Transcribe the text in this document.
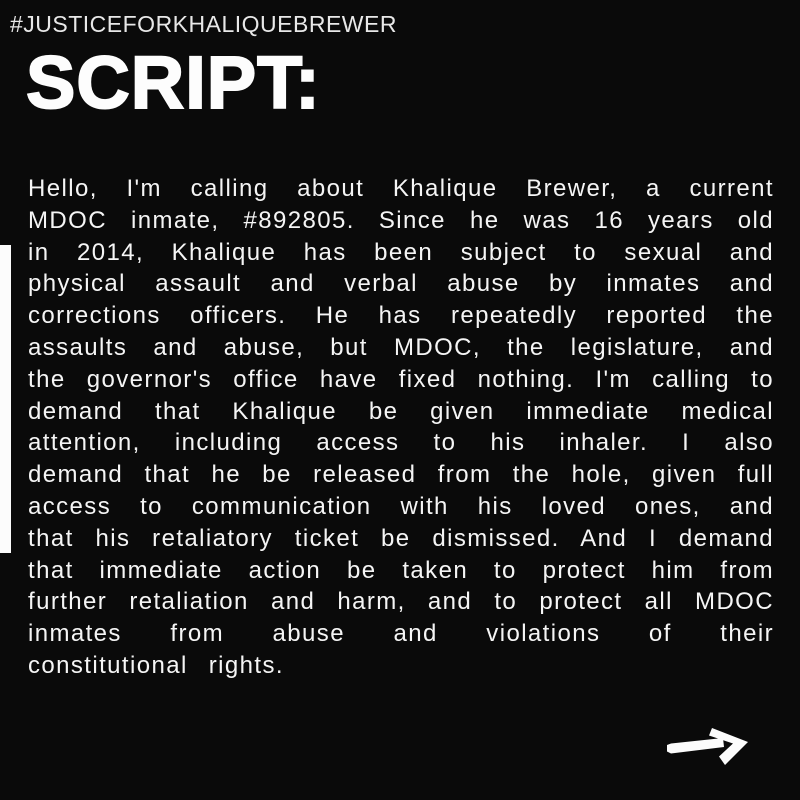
#JUSTICEFORKHALIQUEBREWER
SCRIPT:
Hello, I'm calling about Khalique Brewer, a current MDOC inmate, #892805. Since he was 16 years old in 2014, Khalique has been subject to sexual and physical assault and verbal abuse by inmates and corrections officers. He has repeatedly reported the assaults and abuse, but MDOC, the legislature, and the governor's office have fixed nothing. I'm calling to demand that Khalique be given immediate medical attention, including access to his inhaler. I also demand that he be released from the hole, given full access to communication with his loved ones, and that his retaliatory ticket be dismissed. And I demand that immediate action be taken to protect him from further retaliation and harm, and to protect all MDOC inmates from abuse and violations of their constitutional rights.
